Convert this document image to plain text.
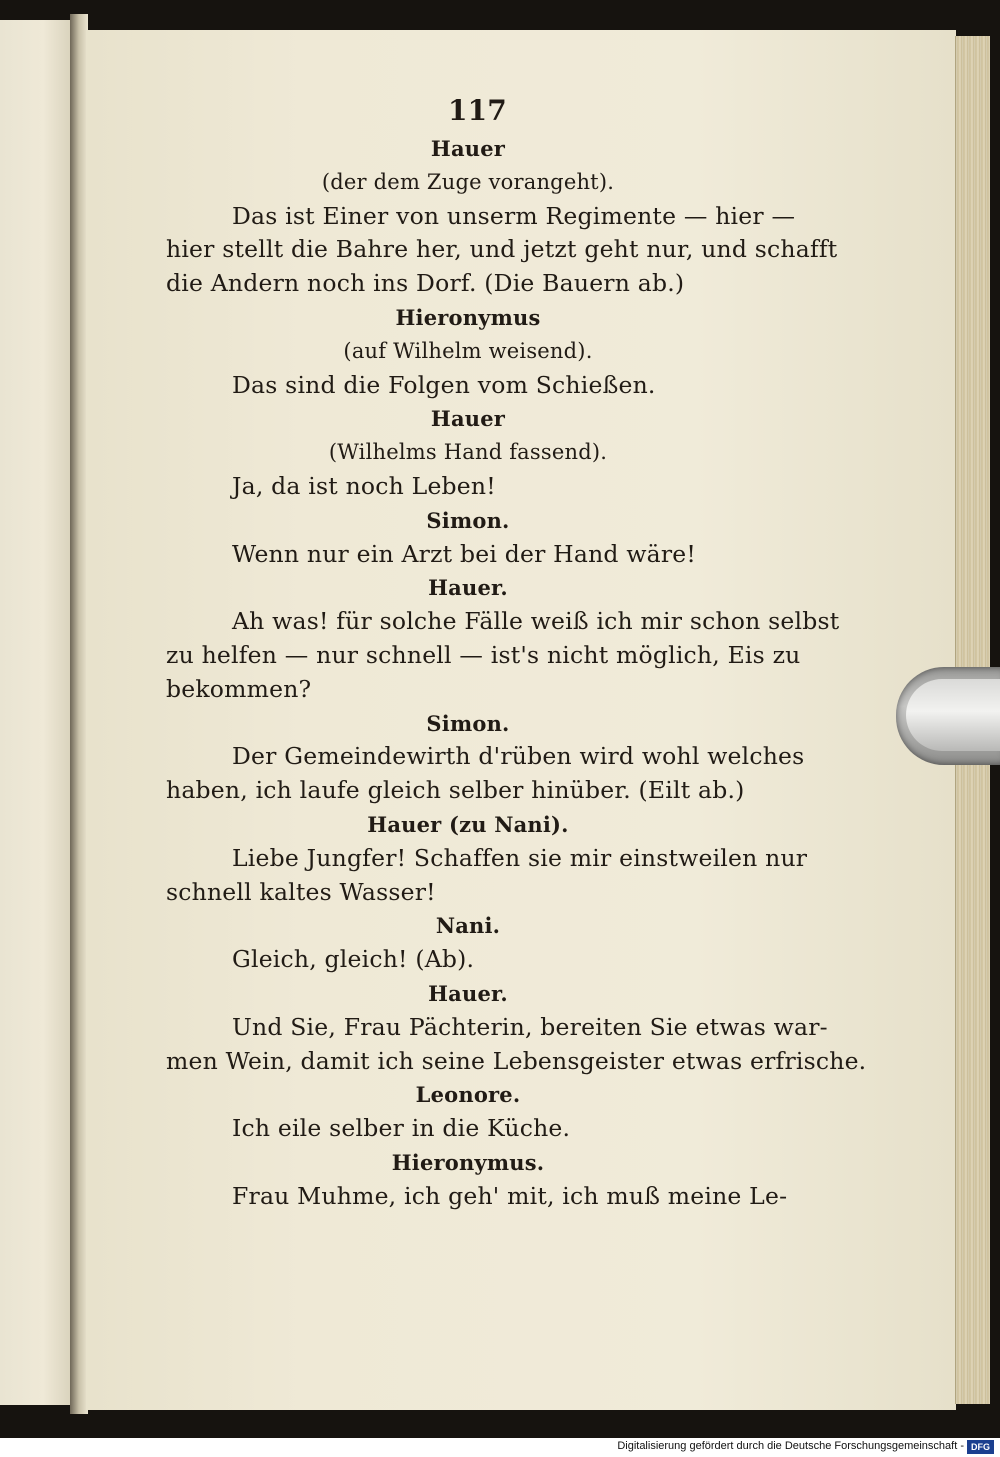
117
Hauer
(der dem Zuge vorangeht).
Das ist Einer von unserm Regimente — hier —
hier stellt die Bahre her, und jetzt geht nur, und schafft
die Andern noch ins Dorf. (Die Bauern ab.)
Hieronymus
(auf Wilhelm weisend).
Das sind die Folgen vom Schießen.
Hauer
(Wilhelms Hand fassend).
Ja, da ist noch Leben!
Simon.
Wenn nur ein Arzt bei der Hand wäre!
Hauer.
Ah was! für solche Fälle weiß ich mir schon selbst
zu helfen — nur schnell — ist's nicht möglich, Eis zu
bekommen?
Simon.
Der Gemeindewirth d'rüben wird wohl welches
haben, ich laufe gleich selber hinüber. (Eilt ab.)
Hauer (zu Nani).
Liebe Jungfer! Schaffen sie mir einstweilen nur
schnell kaltes Wasser!
Nani.
Gleich, gleich! (Ab).
Hauer.
Und Sie, Frau Pächterin, bereiten Sie etwas war-
men Wein, damit ich seine Lebensgeister etwas erfrische.
Leonore.
Ich eile selber in die Küche.
Hieronymus.
Frau Muhme, ich geh' mit, ich muß meine Le-
Digitalisierung gefördert durch die Deutsche Forschungsgemeinschaft - DFG
